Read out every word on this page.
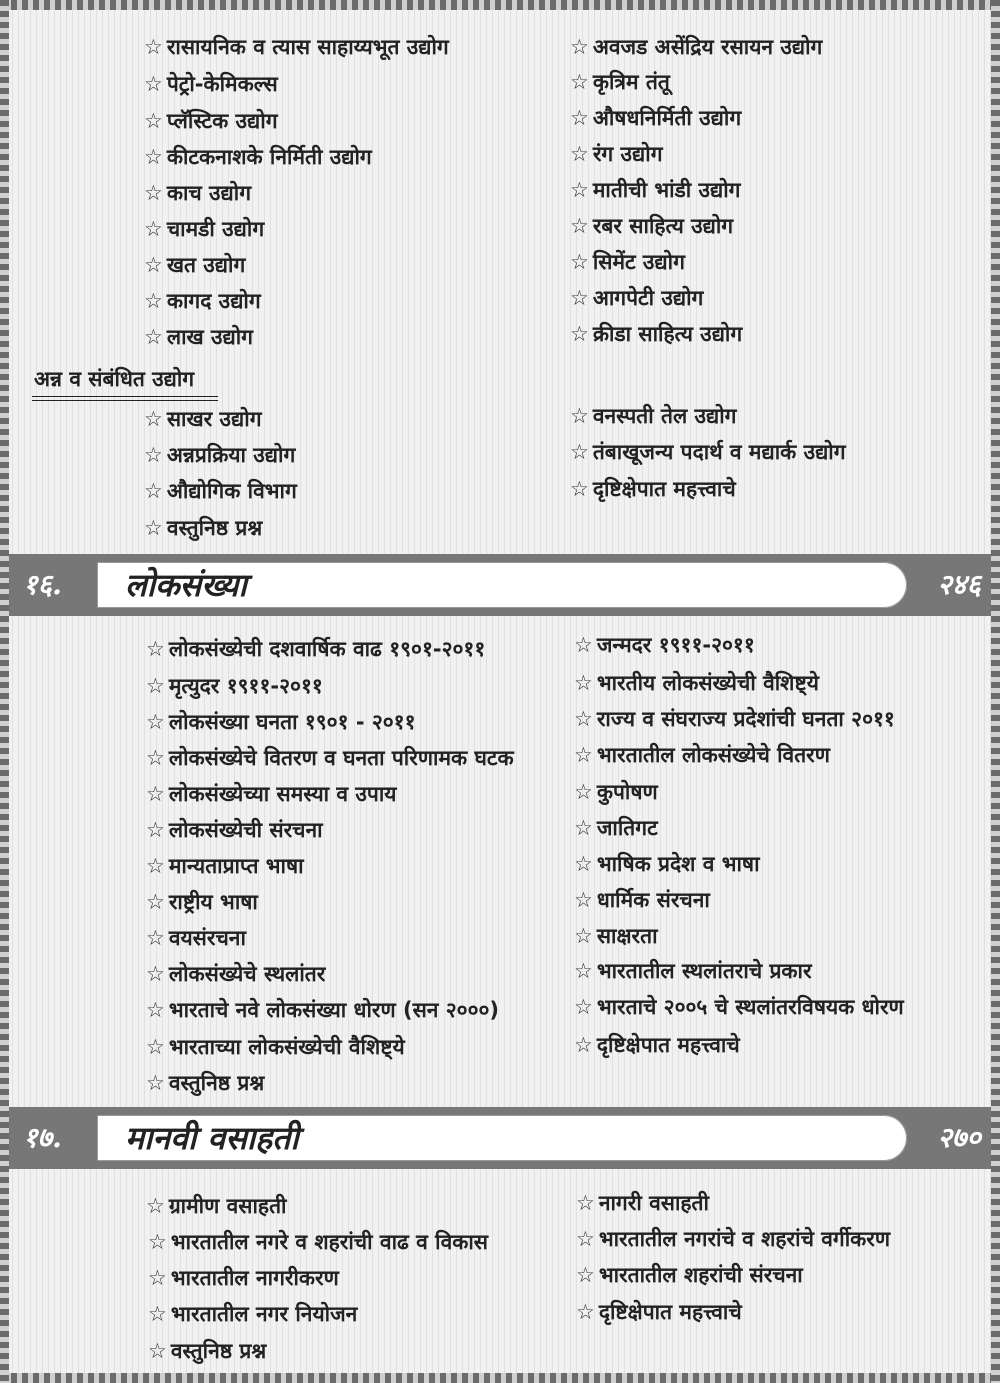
☆ रासायनिक व त्यास साहाय्यभूत उद्योग	☆ अवजड असेंद्रिय रसायन उद्योग
☆ पेट्रो-केमिकल्स	☆ कृत्रिम तंतू
☆ प्लॅस्टिक उद्योग	☆ औषधनिर्मिती उद्योग
☆ कीटकनाशके निर्मिती उद्योग	☆ रंग उद्योग
☆ काच उद्योग	☆ मातीची भांडी उद्योग
☆ चामडी उद्योग	☆ रबर साहित्य उद्योग
☆ खत उद्योग	☆ सिमेंट उद्योग
☆ कागद उद्योग	☆ आगपेटी उद्योग
☆ लाख उद्योग	☆ क्रीडा साहित्य उद्योग
अन्न व संबंधित उद्योग
☆ साखर उद्योग	☆ वनस्पती तेल उद्योग
☆ अन्नप्रक्रिया उद्योग	☆ तंबाखूजन्य पदार्थ व मद्यार्क उद्योग
☆ औद्योगिक विभाग	☆ दृष्टिक्षेपात महत्त्वाचे
☆ वस्तुनिष्ठ प्रश्न
१६. लोकसंख्या	२४६
☆ लोकसंख्येची दशवार्षिक वाढ १९०१-२०११	☆ जन्मदर १९११-२०११
☆ मृत्युदर १९११-२०११	☆ भारतीय लोकसंख्येची वैशिष्ट्ये
☆ लोकसंख्या घनता १९०१ - २०११	☆ राज्य व संघराज्य प्रदेशांची घनता २०११
☆ लोकसंख्येचे वितरण व घनता परिणामक घटक	☆ भारतातील लोकसंख्येचे वितरण
☆ लोकसंख्येच्या समस्या व उपाय	☆ कुपोषण
☆ लोकसंख्येची संरचना	☆ जातिगट
☆ मान्यताप्राप्त भाषा	☆ भाषिक प्रदेश व भाषा
☆ राष्ट्रीय भाषा	☆ धार्मिक संरचना
☆ वयसंरचना	☆ साक्षरता
☆ लोकसंख्येचे स्थलांतर	☆ भारतातील स्थलांतराचे प्रकार
☆ भारताचे नवे लोकसंख्या धोरण (सन २०००)	☆ भारताचे २००५ चे स्थलांतरविषयक धोरण
☆ भारताच्या लोकसंख्येची वैशिष्ट्ये	☆ दृष्टिक्षेपात महत्त्वाचे
☆ वस्तुनिष्ठ प्रश्न
१७. मानवी वसाहती	२७०
☆ ग्रामीण वसाहती	☆ नागरी वसाहती
☆ भारतातील नगरे व शहरांची वाढ व विकास	☆ भारतातील नगरांचे व शहरांचे वर्गीकरण
☆ भारतातील नागरीकरण	☆ भारतातील शहरांची संरचना
☆ भारतातील नगर नियोजन	☆ दृष्टिक्षेपात महत्त्वाचे
☆ वस्तुनिष्ठ प्रश्न
